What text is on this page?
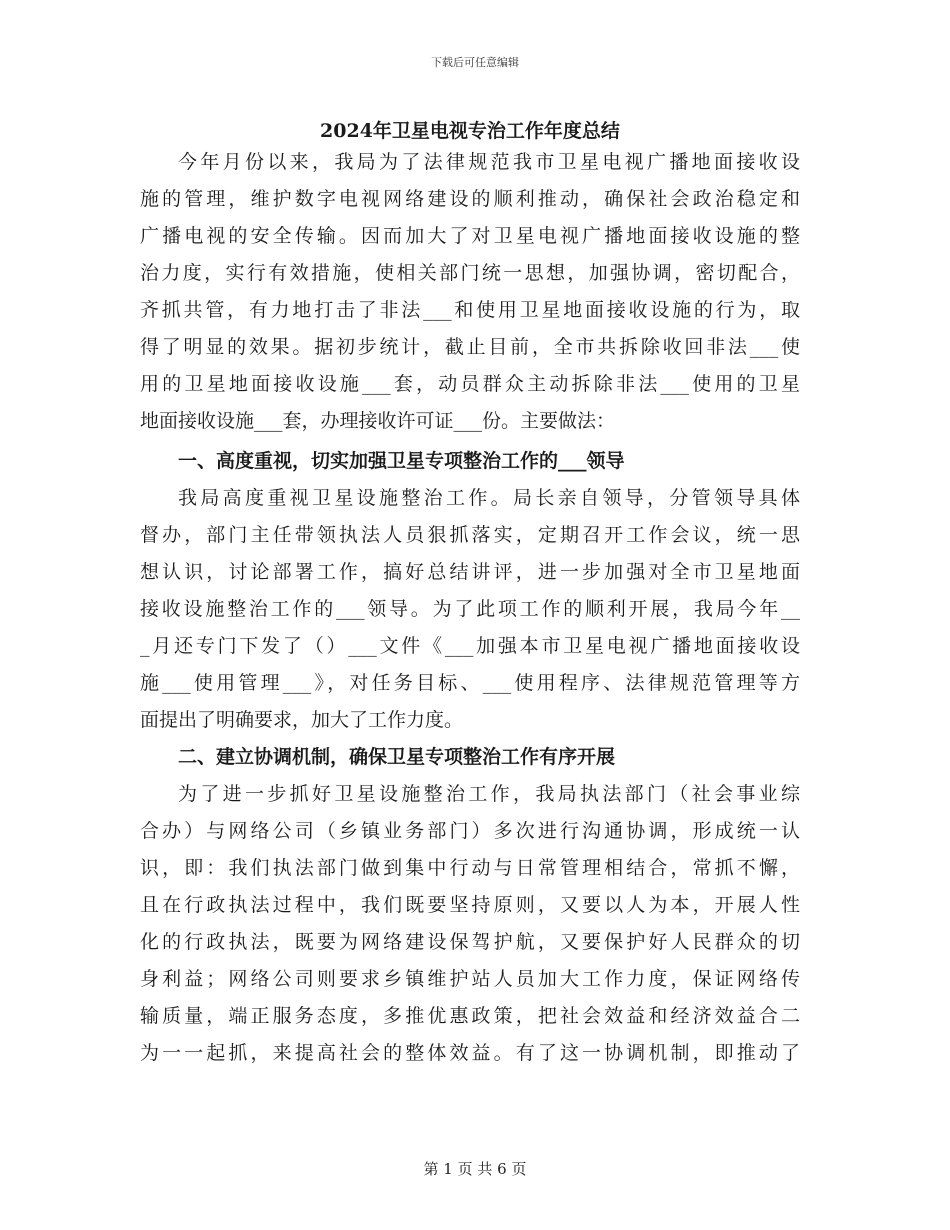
下载后可任意编辑
2024年卫星电视专治工作年度总结
今年月份以来，我局为了法律规范我市卫星电视广播地面接收设
施的管理，维护数字电视网络建设的顺利推动，确保社会政治稳定和
广播电视的安全传输。因而加大了对卫星电视广播地面接收设施的整
治力度，实行有效措施，使相关部门统一思想，加强协调，密切配合，
齐抓共管，有力地打击了非法___和使用卫星地面接收设施的行为，取
得了明显的效果。据初步统计，截止目前，全市共拆除收回非法___使
用的卫星地面接收设施___套，动员群众主动拆除非法___使用的卫星
地面接收设施___套，办理接收许可证___份。主要做法：
一、高度重视，切实加强卫星专项整治工作的___领导
我局高度重视卫星设施整治工作。局长亲自领导，分管领导具体
督办，部门主任带领执法人员狠抓落实，定期召开工作会议，统一思
想认识，讨论部署工作，搞好总结讲评，进一步加强对全市卫星地面
接收设施整治工作的___领导。为了此项工作的顺利开展，我局今年__
_月还专门下发了（）___文件《___加强本市卫星电视广播地面接收设
施___使用管理___》，对任务目标、___使用程序、法律规范管理等方
面提出了明确要求，加大了工作力度。
二、建立协调机制，确保卫星专项整治工作有序开展
为了进一步抓好卫星设施整治工作，我局执法部门（社会事业综
合办）与网络公司（乡镇业务部门）多次进行沟通协调，形成统一认
识，即：我们执法部门做到集中行动与日常管理相结合，常抓不懈，
且在行政执法过程中，我们既要坚持原则，又要以人为本，开展人性
化的行政执法，既要为网络建设保驾护航，又要保护好人民群众的切
身利益；网络公司则要求乡镇维护站人员加大工作力度，保证网络传
输质量，端正服务态度，多推优惠政策，把社会效益和经济效益合二
为一一起抓，来提高社会的整体效益。有了这一协调机制，即推动了
第 1 页 共 6 页
